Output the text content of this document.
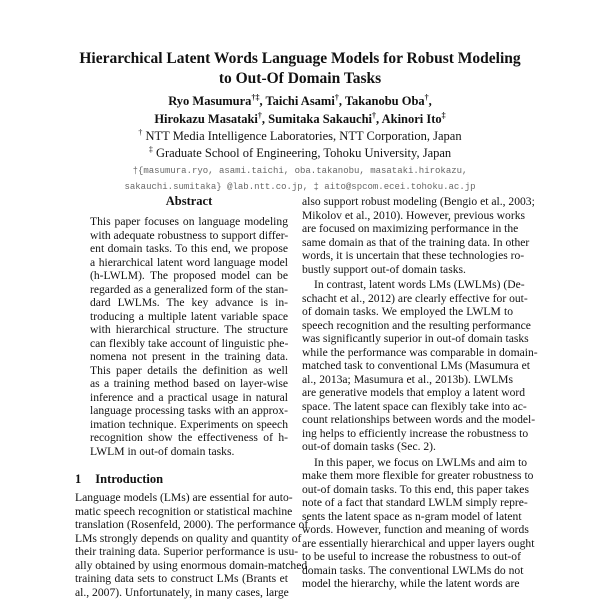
Hierarchical Latent Words Language Models for Robust Modeling
to Out-Of Domain Tasks
Ryo Masumura†‡, Taichi Asami†, Takanobu Oba†,
Hirokazu Masataki†, Sumitaka Sakauchi†, Akinori Ito‡
† NTT Media Intelligence Laboratories, NTT Corporation, Japan
‡ Graduate School of Engineering, Tohoku University, Japan
†{masumura.ryo, asami.taichi, oba.takanobu, masataki.hirokazu,
sakauchi.sumitaka} @lab.ntt.co.jp, ‡ aito@spcom.ecei.tohoku.ac.jp
Abstract
This paper focuses on language modeling
with adequate robustness to support differ-
ent domain tasks. To this end, we propose
a hierarchical latent word language model
(h-LWLM). The proposed model can be
regarded as a generalized form of the stan-
dard LWLMs. The key advance is in-
troducing a multiple latent variable space
with hierarchical structure. The structure
can flexibly take account of linguistic phe-
nomena not present in the training data.
This paper details the definition as well
as a training method based on layer-wise
inference and a practical usage in natural
language processing tasks with an approx-
imation technique. Experiments on speech
recognition show the effectiveness of h-
LWLM in out-of domain tasks.
1 Introduction
Language models (LMs) are essential for auto-
matic speech recognition or statistical machine
translation (Rosenfeld, 2000). The performance of
LMs strongly depends on quality and quantity of
their training data. Superior performance is usu-
ally obtained by using enormous domain-matched
training data sets to construct LMs (Brants et
al., 2007). Unfortunately, in many cases, large
also support robust modeling (Bengio et al., 2003;
Mikolov et al., 2010). However, previous works
are focused on maximizing performance in the
same domain as that of the training data. In other
words, it is uncertain that these technologies ro-
bustly support out-of domain tasks.
In contrast, latent words LMs (LWLMs) (De-
schacht et al., 2012) are clearly effective for out-
of domain tasks. We employed the LWLM to
speech recognition and the resulting performance
was significantly superior in out-of domain tasks
while the performance was comparable in domain-
matched task to conventional LMs (Masumura et
al., 2013a; Masumura et al., 2013b). LWLMs
are generative models that employ a latent word
space. The latent space can flexibly take into ac-
count relationships between words and the model-
ing helps to efficiently increase the robustness to
out-of domain tasks (Sec. 2).
In this paper, we focus on LWLMs and aim to
make them more flexible for greater robustness to
out-of domain tasks. To this end, this paper takes
note of a fact that standard LWLM simply repre-
sents the latent space as n-gram model of latent
words. However, function and meaning of words
are essentially hierarchical and upper layers ought
to be useful to increase the robustness to out-of
domain tasks. The conventional LWLMs do not
model the hierarchy, while the latent words are
